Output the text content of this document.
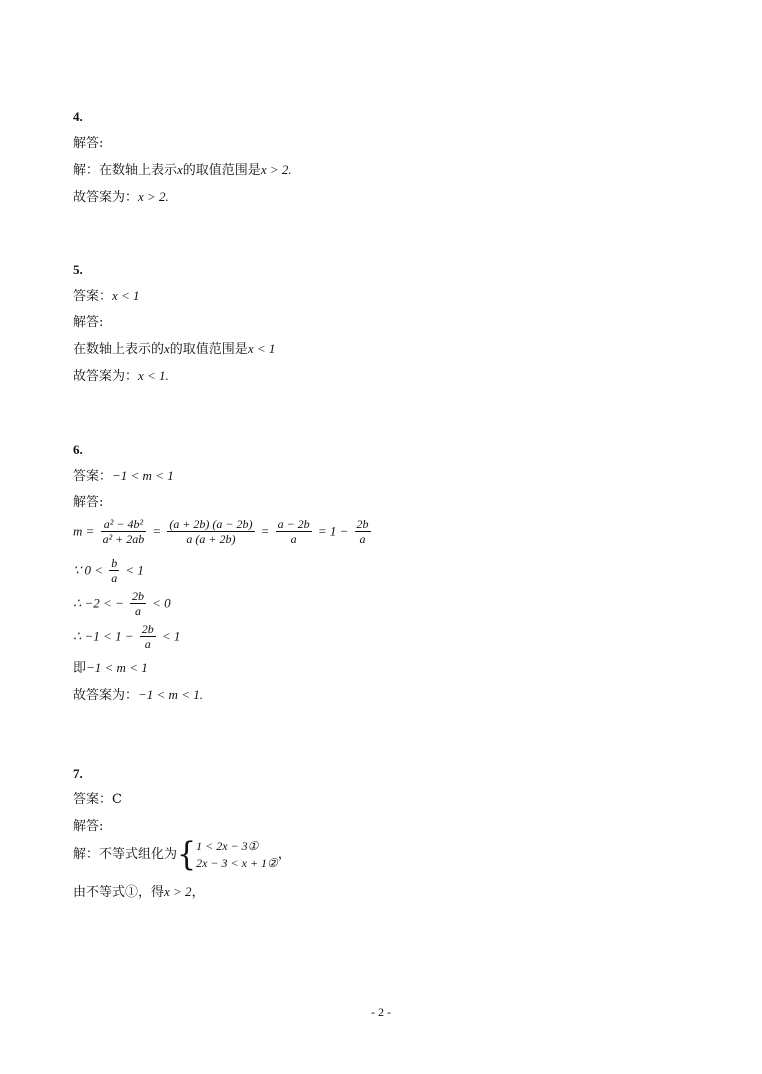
4.
解答:
解：在数轴上表示x的取值范围是x > 2.
故答案为：x > 2.
5.
答案：x < 1
解答:
在数轴上表示的x的取值范围是x < 1
故答案为：x < 1.
6.
答案：−1 < m < 1
解答:
$m = \frac{\text{a² − 4b²}}{\text{a² + 2ab}} = \frac{(a + 2b) (a - 2b)}{a (a + 2b)} = \frac{a - 2b}{a} = 1 - \frac{2b}{a}$
∵ $0 < \frac{b}{a} < 1$
∴ −2 < − $\frac{2b}{a} < 0$
∴ $-1 < 1 - \frac{2b}{a} < 1$
即−1 < m < 1
故答案为：−1 < m < 1.
7.
答案：C
解答:
解：不等式组化为{ 1 < 2x − 3①
2x − 3 < x + 1②
，
由不等式①，得x > 2，
- 2 -
